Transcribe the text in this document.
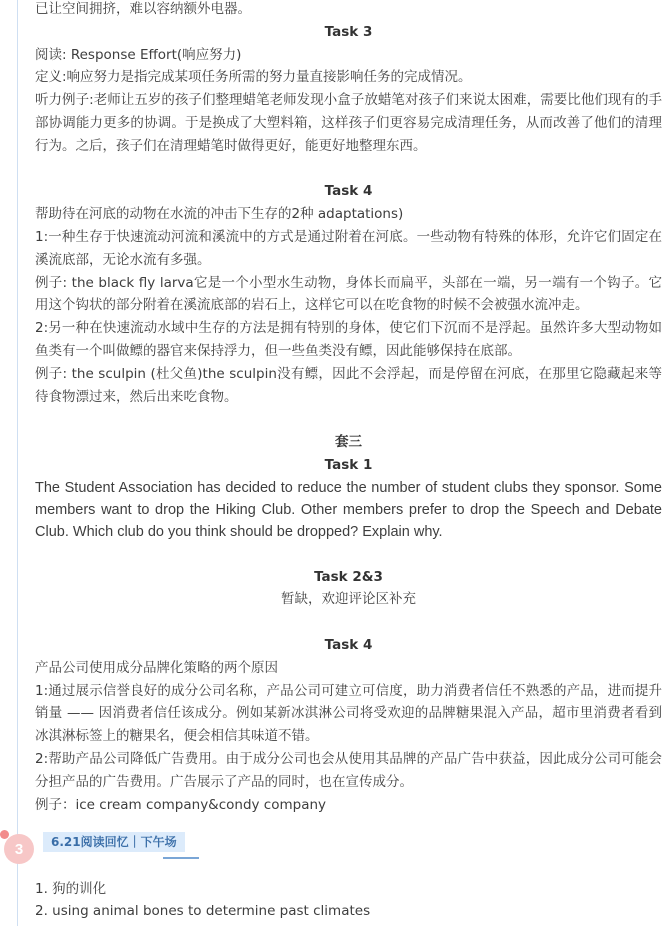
已让空间拥挤，难以容纳额外电器。
Task 3
阅读: Response Effort(响应努力)
定义:响应努力是指完成某项任务所需的努力量直接影响任务的完成情况。
听力例子:老师让五岁的孩子们整理蜡笔老师发现小盒子放蜡笔对孩子们来说太困难，需要比他们现有的手部协调能力更多的协调。于是换成了大塑料箱，这样孩子们更容易完成清理任务，从而改善了他们的清理行为。之后，孩子们在清理蜡笔时做得更好，能更好地整理东西。
Task 4
帮助待在河底的动物在水流的冲击下生存的2种 adaptations)
1:一种生存于快速流动河流和溪流中的方式是通过附着在河底。一些动物有特殊的体形，允许它们固定在溪流底部，无论水流有多强。
例子: the black fly larva它是一个小型水生动物，身体长而扁平，头部在一端，另一端有一个钩子。它用这个钩状的部分附着在溪流底部的岩石上，这样它可以在吃食物的时候不会被强水流冲走。
2:另一种在快速流动水域中生存的方法是拥有特别的身体，使它们下沉而不是浮起。虽然许多大型动物如鱼类有一个叫做鳔的器官来保持浮力，但一些鱼类没有鳔，因此能够保持在底部。
例子: the sculpin (杜父鱼)the sculpin没有鳔，因此不会浮起，而是停留在河底，在那里它隐藏起来等待食物漂过来，然后出来吃食物。
套三
Task 1
The Student Association has decided to reduce the number of student clubs they sponsor. Some members want to drop the Hiking Club. Other members prefer to drop the Speech and Debate Club. Which club do you think should be dropped? Explain why.
Task 2&3
暂缺，欢迎评论区补充
Task 4
产品公司使用成分品牌化策略的两个原因
1:通过展示信誉良好的成分公司名称，产品公司可建立可信度，助力消费者信任不熟悉的产品，进而提升销量 —— 因消费者信任该成分。例如某新冰淇淋公司将受欢迎的品牌糖果混入产品，超市里消费者看到冰淇淋标签上的糖果名，便会相信其味道不错。
2:帮助产品公司降低广告费用。由于成分公司也会从使用其品牌的产品广告中获益，因此成分公司可能会分担产品的广告费用。广告展示了产品的同时，也在宣传成分。
例子：ice cream company&condy company
3	6.21阅读回忆｜下午场
1. 狗的训化
2. using animal bones to determine past climates
